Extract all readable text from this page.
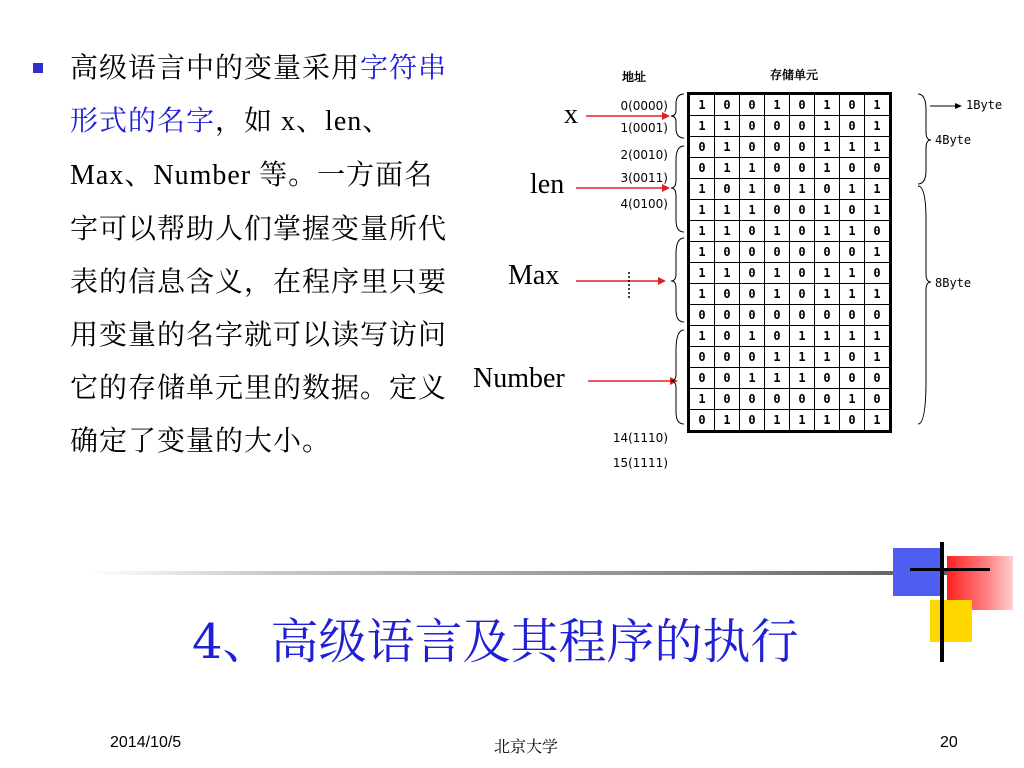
高级语言中的变量采用字符串形式的名字，如 x、len、Max、Number 等。一方面名字可以帮助人们掌握变量所代表的信息含义，在程序里只要用变量的名字就可以读写访问它的存储单元里的数据。定义确定了变量的大小。
地址	存储单元
x
len
Max
Number
0(0000)
1(0001)
2(0010)
3(0011)
4(0100)
14(1110)
15(1111)
1Byte
4Byte
8Byte
1	0	0	1	0	1	0	1
1	1	0	0	0	1	0	1
0	1	0	0	0	1	1	1
0	1	1	0	0	1	0	0
1	0	1	0	1	0	1	1
1	1	1	0	0	1	0	1
1	1	0	1	0	1	1	0
1	0	0	0	0	0	0	1
1	1	0	1	0	1	1	0
1	0	0	1	0	1	1	1
0	0	0	0	0	0	0	0
1	0	1	0	1	1	1	1
0	0	0	1	1	1	0	1
0	0	1	1	1	0	0	0
1	0	0	0	0	0	1	0
0	1	0	1	1	1	0	1
4、高级语言及其程序的执行
2014/10/5	北京大学	20
